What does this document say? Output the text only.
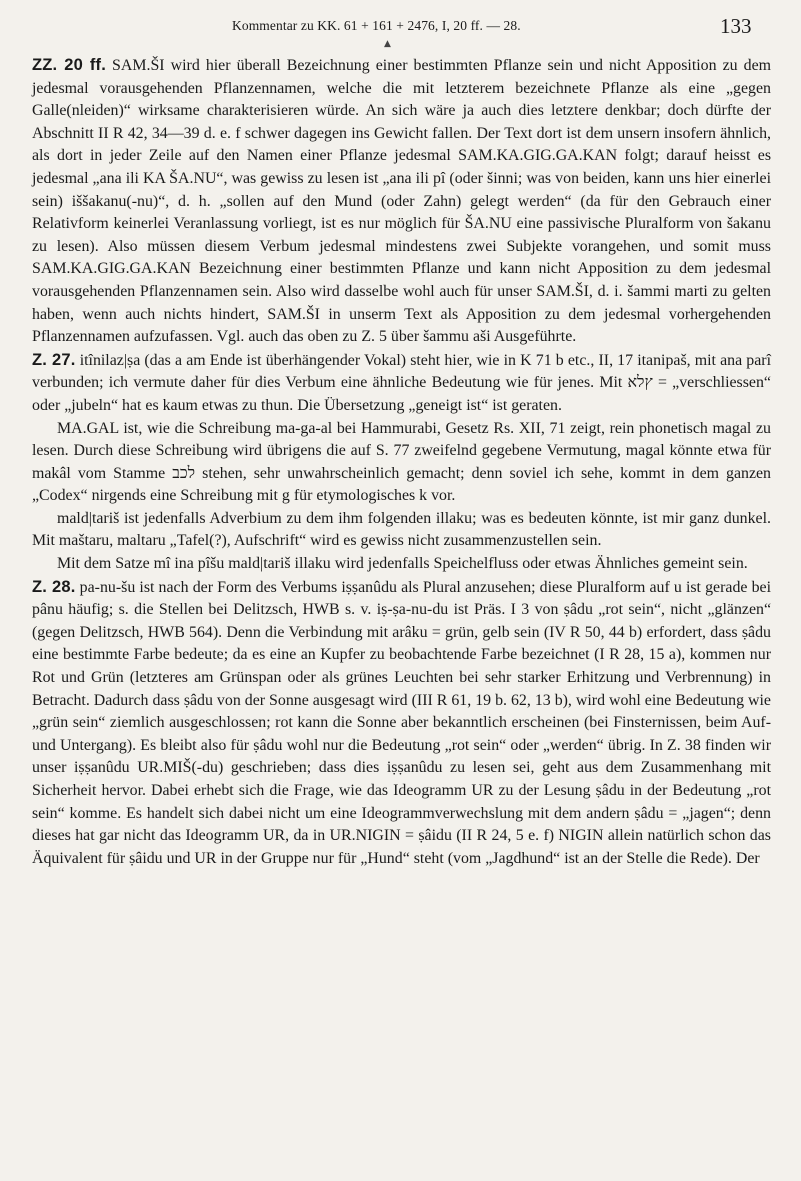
Kommentar zu KK. 61 + 161 + 2476, I, 20 ff. — 28.	133
▲

ZZ. 20 ff. SAM.ŠI wird hier überall Bezeichnung einer bestimmten Pflanze sein und nicht Apposition zu dem jedesmal vorausgehenden Pflanzennamen, welche die mit letzterem bezeichnete Pflanze als eine „gegen Galle(nleiden)“ wirksame charakterisieren würde. An sich wäre ja auch dies letztere denkbar; doch dürfte der Abschnitt II R 42, 34—39 d. e. f schwer dagegen ins Gewicht fallen. Der Text dort ist dem unsern insofern ähnlich, als dort in jeder Zeile auf den Namen einer Pflanze jedesmal SAM.KA.GIG.GA.KAN folgt; darauf heisst es jedesmal „ana ili KA ŠA.NU“, was gewiss zu lesen ist „ana ili pî (oder šinni; was von beiden, kann uns hier einerlei sein) iššakanu(-nu)“, d. h. „sollen auf den Mund (oder Zahn) gelegt werden“ (da für den Gebrauch einer Relativform keinerlei Veranlassung vorliegt, ist es nur möglich für ŠA.NU eine passivische Pluralform von šakanu zu lesen). Also müssen diesem Verbum jedesmal mindestens zwei Subjekte vorangehen, und somit muss SAM.KA.GIG.GA.KAN Bezeichnung einer bestimmten Pflanze und kann nicht Apposition zu dem jedesmal vorausgehenden Pflanzennamen sein. Also wird dasselbe wohl auch für unser SAM.ŠI, d. i. šammi marti zu gelten haben, wenn auch nichts hindert, SAM.ŠI in unserm Text als Apposition zu dem jedesmal vorhergehenden Pflanzennamen aufzufassen. Vgl. auch das oben zu Z. 5 über šammu aši Ausgeführte.

Z. 27. itînilaz|ṣa (das a am Ende ist überhängender Vokal) steht hier, wie in K 71 b etc., II, 17 itanipaš, mit ana parî verbunden; ich vermute daher für dies Verbum eine ähnliche Bedeutung wie für jenes. Mit ץלא = „verschliessen“ oder „jubeln“ hat es kaum etwas zu thun. Die Übersetzung „geneigt ist“ ist geraten.

MA.GAL ist, wie die Schreibung ma-ga-al bei Hammurabi, Gesetz Rs. XII, 71 zeigt, rein phonetisch magal zu lesen. Durch diese Schreibung wird übrigens die auf S. 77 zweifelnd gegebene Vermutung, magal könnte etwa für makâl vom Stamme לכב stehen, sehr unwahrscheinlich gemacht; denn soviel ich sehe, kommt in dem ganzen „Codex“ nirgends eine Schreibung mit g für etymologisches k vor.

mald|tariš ist jedenfalls Adverbium zu dem ihm folgenden illaku; was es bedeuten könnte, ist mir ganz dunkel. Mit maštaru, maltaru „Tafel(?), Aufschrift“ wird es gewiss nicht zusammenzustellen sein.

Mit dem Satze mî ina pîšu mald|tariš illaku wird jedenfalls Speichelfluss oder etwas Ähnliches gemeint sein.

Z. 28. pa-nu-šu ist nach der Form des Verbums iṣṣanûdu als Plural anzusehen; diese Pluralform auf u ist gerade bei pânu häufig; s. die Stellen bei Delitzsch, HWB s. v. iṣ-ṣa-nu-du ist Präs. I 3 von ṣâdu „rot sein“, nicht „glänzen“ (gegen Delitzsch, HWB 564). Denn die Verbindung mit arâku = grün, gelb sein (IV R 50, 44 b) erfordert, dass ṣâdu eine bestimmte Farbe bedeute; da es eine an Kupfer zu beobachtende Farbe bezeichnet (I R 28, 15 a), kommen nur Rot und Grün (letzteres am Grünspan oder als grünes Leuchten bei sehr starker Erhitzung und Verbrennung) in Betracht. Dadurch dass ṣâdu von der Sonne ausgesagt wird (III R 61, 19 b. 62, 13 b), wird wohl eine Bedeutung wie „grün sein“ ziemlich ausgeschlossen; rot kann die Sonne aber bekanntlich erscheinen (bei Finsternissen, beim Auf- und Untergang). Es bleibt also für ṣâdu wohl nur die Bedeutung „rot sein“ oder „werden“ übrig. In Z. 38 finden wir unser iṣṣanûdu UR.MIŠ(-du) geschrieben; dass dies iṣṣanûdu zu lesen sei, geht aus dem Zusammenhang mit Sicherheit hervor. Dabei erhebt sich die Frage, wie das Ideogramm UR zu der Lesung ṣâdu in der Bedeutung „rot sein“ komme. Es handelt sich dabei nicht um eine Ideogrammverwechslung mit dem andern ṣâdu = „jagen“; denn dieses hat gar nicht das Ideogramm UR, da in UR.NIGIN = ṣâidu (II R 24, 5 e. f) NIGIN allein natürlich schon das Äquivalent für ṣâidu und UR in der Gruppe nur für „Hund“ steht (vom „Jagdhund“ ist an der Stelle die Rede). Der
